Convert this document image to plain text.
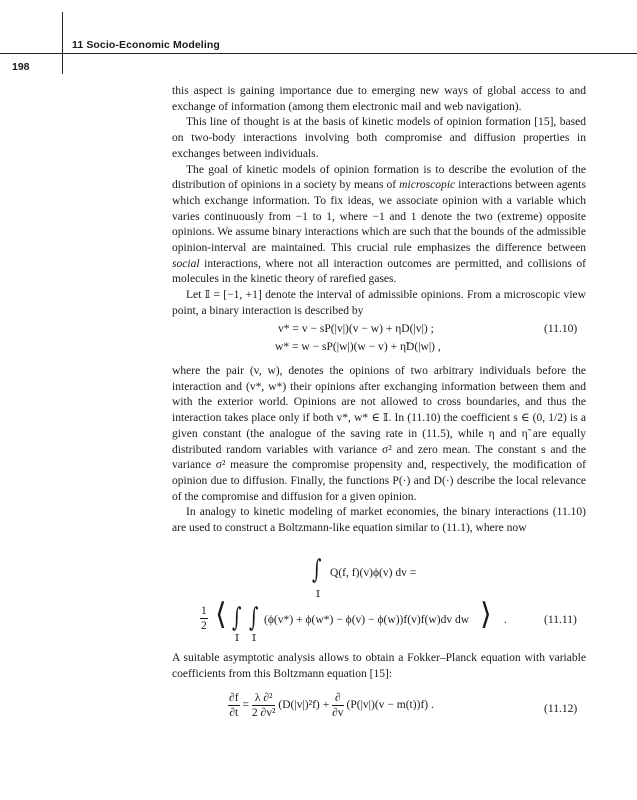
11 Socio-Economic Modeling
198

this aspect is gaining importance due to emerging new ways of global access to and exchange of information (among them electronic mail and web navigation).

This line of thought is at the basis of kinetic models of opinion formation [15], based on two-body interactions involving both compromise and diffusion properties in exchanges between individuals.

The goal of kinetic models of opinion formation is to describe the evolution of the distribution of opinions in a society by means of microscopic interactions between agents which exchange information. To fix ideas, we associate opinion with a variable which varies continuously from −1 to 1, where −1 and 1 denote the two (extreme) opposite opinions. We assume binary interactions which are such that the bounds of the admissible opinion-interval are maintained. This crucial rule emphasizes the difference between social interactions, where not all interaction outcomes are permitted, and collisions of molecules in the kinetic theory of rarefied gases.

Let 𝕀 = [−1, +1] denote the interval of admissible opinions. From a microscopic view point, a binary interaction is described by

v* = v − sP(|v|)(v − w) + ηD(|v|) ;
w* = w − sP(|w|)(w − v) + η̃D(|w|) ,
(11.10)

where the pair (v, w), denotes the opinions of two arbitrary individuals before the interaction and (v*, w*) their opinions after exchanging information between them and with the exterior world. Opinions are not allowed to cross boundaries, and thus the interaction takes place only if both v*, w* ∈ 𝕀. In (11.10) the coefficient s ∈ (0, 1/2) is a given constant (the analogue of the saving rate in (11.5), while η and η̃ are equally distributed random variables with variance σ² and zero mean. The constant s and the variance σ² measure the compromise propensity and, respectively, the modification of opinion due to diffusion. Finally, the functions P(·) and D(·) describe the local relevance of the compromise and diffusion for a given opinion.

In analogy to kinetic modeling of market economies, the binary interactions (11.10) are used to construct a Boltzmann-like equation similar to (11.1), where now

∫
𝕀
Q(f, f)(v)ϕ(v) dv =
$\frac{1}{2}$ ⟨ ∫
𝕀
∫
𝕀
(ϕ(v*) + ϕ(w*) − ϕ(v) − ϕ(w))f(v)f(w)dv dw ⟩ .	(11.11)

A suitable asymptotic analysis allows to obtain a Fokker–Planck equation with variable coefficients from this Boltzmann equation [15]:

$\frac{\partial f}{\partial t} = \frac{\text{λ ∂²}}{\text{2 ∂v²}} (D(|v|)^2f) + \frac{\partial}{\partial v} (P(|v|)(v - m(t))f)$ .	(11.12)
